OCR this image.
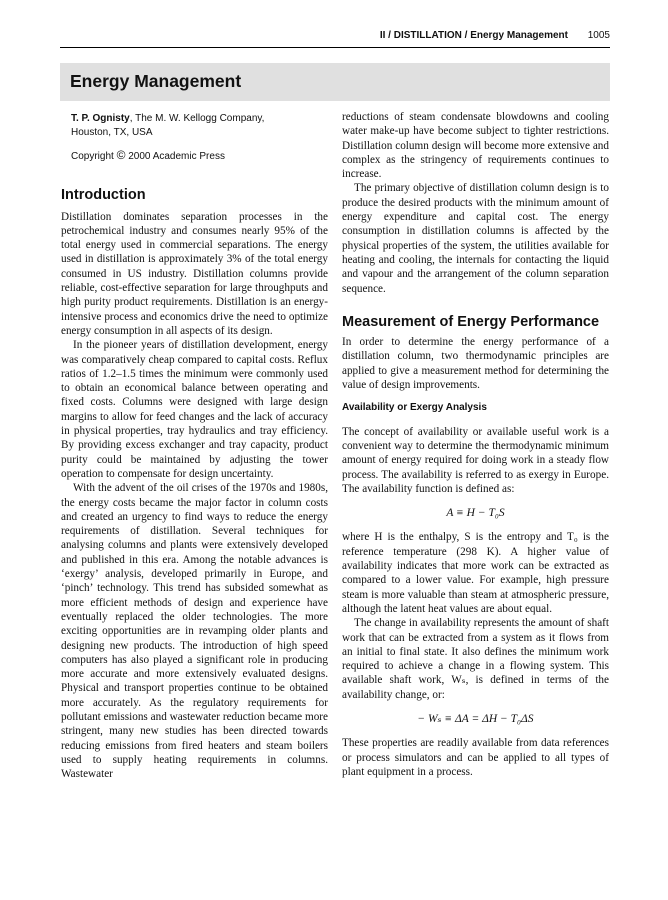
II / DISTILLATION / Energy Management 1005
Energy Management
T. P. Ognisty, The M. W. Kellogg Company,
Houston, TX, USA
Copyright © 2000 Academic Press
Introduction

Distillation dominates separation processes in the petrochemical industry and consumes nearly 95% of the total energy used in commercial separations. The energy used in distillation is approximately 3% of the total energy consumed in US industry. Distillation columns provide reliable, cost-effective separation for large throughputs and high purity product requirements. Distillation is an energy-intensive process and economics drive the need to optimize energy consumption in all aspects of its design.

In the pioneer years of distillation development, energy was comparatively cheap compared to capital costs. Reflux ratios of 1.2–1.5 times the minimum were commonly used to obtain an economical balance between operating and fixed costs. Columns were designed with large design margins to allow for feed changes and the lack of accuracy in physical properties, tray hydraulics and tray efficiency. By providing excess exchanger and tray capacity, product purity could be maintained by adjusting the tower operation to compensate for design uncertainty.

With the advent of the oil crises of the 1970s and 1980s, the energy costs became the major factor in column costs and created an urgency to find ways to reduce the energy requirements of distillation. Several techniques for analysing columns and plants were extensively developed and published in this era. Among the notable advances is ‘exergy’ analysis, developed primarily in Europe, and ‘pinch’ technology. This trend has subsided somewhat as more efficient methods of design and experience have eventually replaced the older technologies. The more exciting opportunities are in revamping older plants and designing new products. The introduction of high speed computers has also played a significant role in producing more accurate and more extensively evaluated designs. Physical and transport properties continue to be obtained more accurately. As the regulatory requirements for pollutant emissions and wastewater reduction became more stringent, many new studies has been directed towards reducing emissions from fired heaters and steam boilers used to supply heating requirements in columns. Wastewater

reductions of steam condensate blowdowns and cooling water make-up have become subject to tighter restrictions. Distillation column design will become more extensive and complex as the stringency of requirements continues to increase.

The primary objective of distillation column design is to produce the desired products with the minimum amount of energy expenditure and capital cost. The energy consumption in distillation columns is affected by the physical properties of the system, the utilities available for heating and cooling, the internals for contacting the liquid and vapour and the arrangement of the column separation sequence.

Measurement of Energy Performance

In order to determine the energy performance of a distillation column, two thermodynamic principles are applied to give a measurement method for determining the value of design improvements.

Availability or Exergy Analysis

The concept of availability or available useful work is a convenient way to determine the thermodynamic minimum amount of energy required for doing work in a steady flow process. The availability is referred to as exergy in Europe. The availability function is defined as:

A ≡ H − T₀S

where H is the enthalpy, S is the entropy and T₀ is the reference temperature (298 K). A higher value of availability indicates that more work can be extracted as compared to a lower value. For example, high pressure steam is more valuable than steam at atmospheric pressure, although the latent heat values are about equal.

The change in availability represents the amount of shaft work that can be extracted from a system as it flows from an initial to final state. It also defines the minimum work required to achieve a change in a flowing system. This available shaft work, Wₛ, is defined in terms of the availability change, or:

− Wₛ ≡ ΔA = ΔH − T₀ΔS

These properties are readily available from data references or process simulators and can be applied to all types of plant equipment in a process.
